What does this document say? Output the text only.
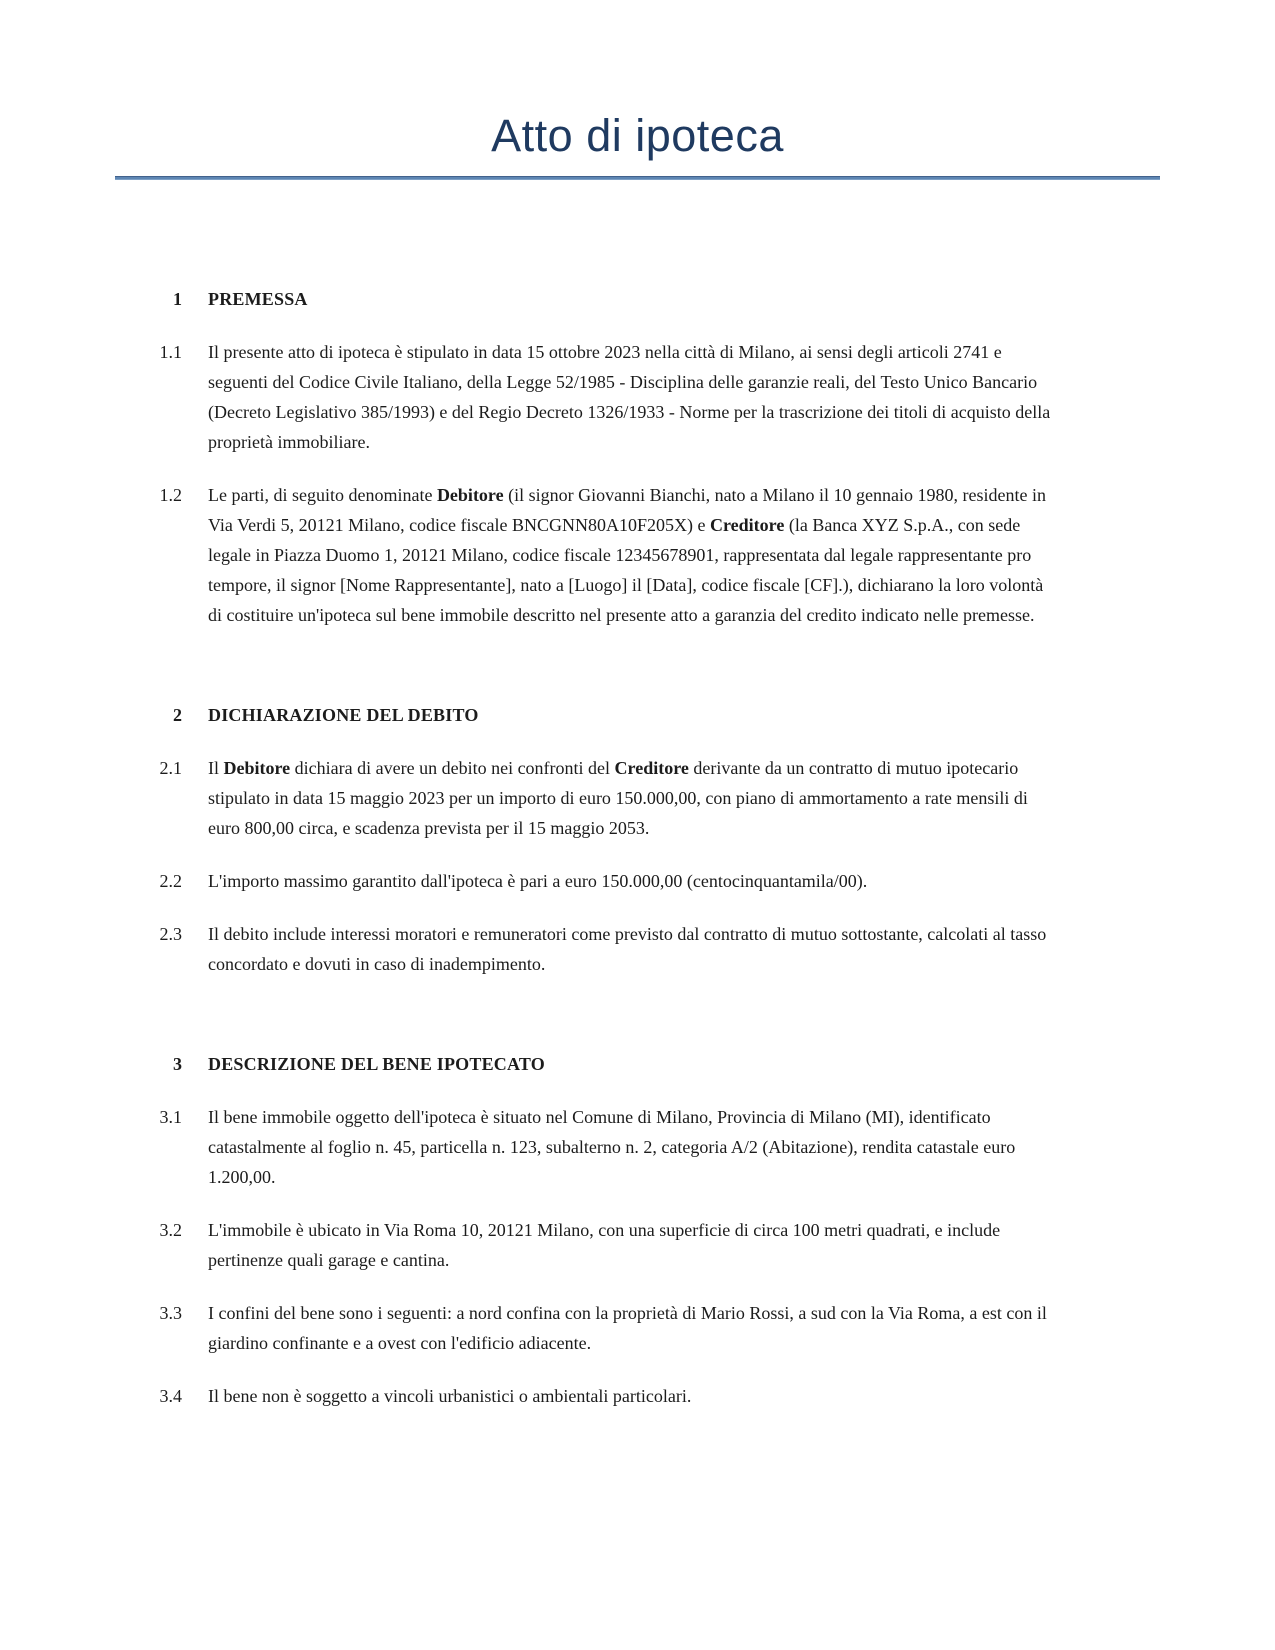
Atto di ipoteca
1 PREMESSA
1.1 Il presente atto di ipoteca è stipulato in data 15 ottobre 2023 nella città di Milano, ai sensi degli articoli 2741 e seguenti del Codice Civile Italiano, della Legge 52/1985 - Disciplina delle garanzie reali, del Testo Unico Bancario (Decreto Legislativo 385/1993) e del Regio Decreto 1326/1933 - Norme per la trascrizione dei titoli di acquisto della proprietà immobiliare.

1.2 Le parti, di seguito denominate Debitore (il signor Giovanni Bianchi, nato a Milano il 10 gennaio 1980, residente in Via Verdi 5, 20121 Milano, codice fiscale BNCGNN80A10F205X) e Creditore (la Banca XYZ S.p.A., con sede legale in Piazza Duomo 1, 20121 Milano, codice fiscale 12345678901, rappresentata dal legale rappresentante pro tempore, il signor [Nome Rappresentante], nato a [Luogo] il [Data], codice fiscale [CF].), dichiarano la loro volontà di costituire un'ipoteca sul bene immobile descritto nel presente atto a garanzia del credito indicato nelle premesse.

2 DICHIARAZIONE DEL DEBITO
2.1 Il Debitore dichiara di avere un debito nei confronti del Creditore derivante da un contratto di mutuo ipotecario stipulato in data 15 maggio 2023 per un importo di euro 150.000,00, con piano di ammortamento a rate mensili di euro 800,00 circa, e scadenza prevista per il 15 maggio 2053.

2.2 L'importo massimo garantito dall'ipoteca è pari a euro 150.000,00 (centocinquantamila/00).

2.3 Il debito include interessi moratori e remuneratori come previsto dal contratto di mutuo sottostante, calcolati al tasso concordato e dovuti in caso di inadempimento.

3 DESCRIZIONE DEL BENE IPOTECATO
3.1 Il bene immobile oggetto dell'ipoteca è situato nel Comune di Milano, Provincia di Milano (MI), identificato catastalmente al foglio n. 45, particella n. 123, subalterno n. 2, categoria A/2 (Abitazione), rendita catastale euro 1.200,00.

3.2 L'immobile è ubicato in Via Roma 10, 20121 Milano, con una superficie di circa 100 metri quadrati, e include pertinenze quali garage e cantina.

3.3 I confini del bene sono i seguenti: a nord confina con la proprietà di Mario Rossi, a sud con la Via Roma, a est con il giardino confinante e a ovest con l'edificio adiacente.

3.4 Il bene non è soggetto a vincoli urbanistici o ambientali particolari.
